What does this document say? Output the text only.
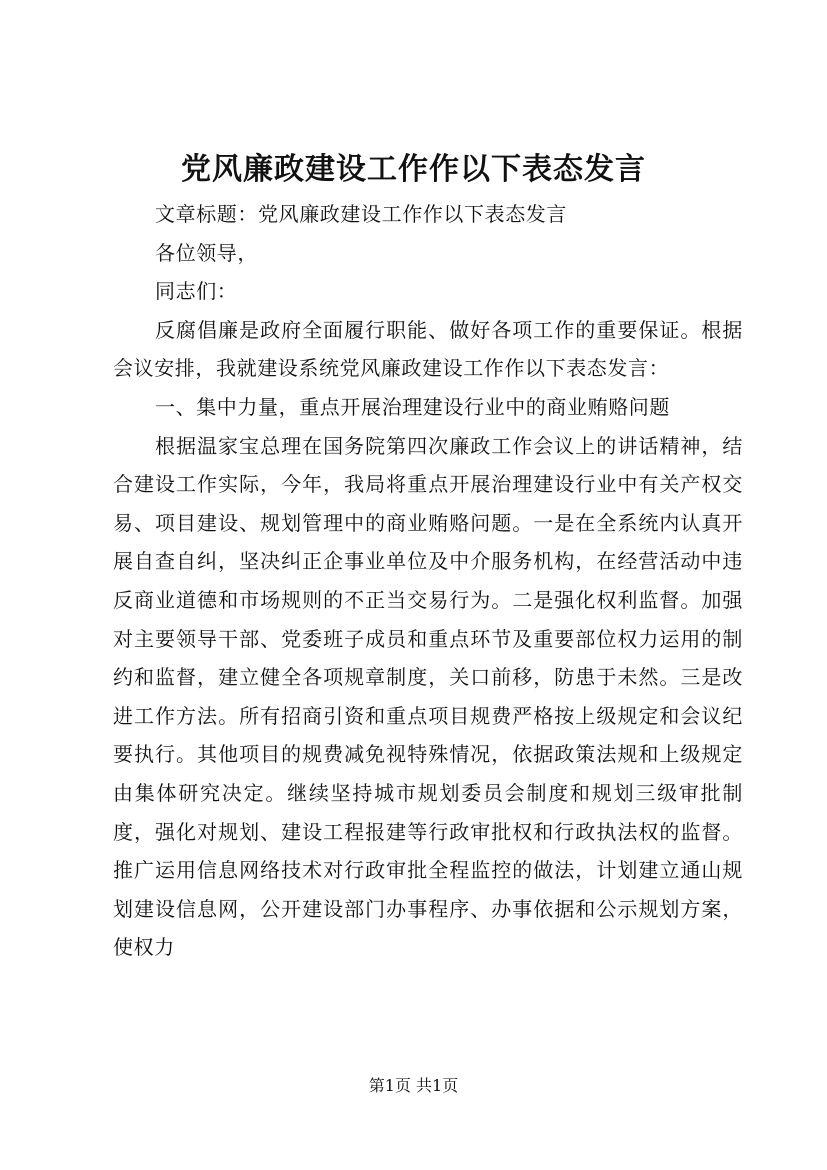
党风廉政建设工作作以下表态发言

文章标题：党风廉政建设工作作以下表态发言

各位领导，

同志们：

反腐倡廉是政府全面履行职能、做好各项工作的重要保证。根据会议安排，我就建设系统党风廉政建设工作作以下表态发言：

一、集中力量，重点开展治理建设行业中的商业贿赂问题

根据温家宝总理在国务院第四次廉政工作会议上的讲话精神，结合建设工作实际，今年，我局将重点开展治理建设行业中有关产权交易、项目建设、规划管理中的商业贿赂问题。一是在全系统内认真开展自查自纠，坚决纠正企事业单位及中介服务机构，在经营活动中违反商业道德和市场规则的不正当交易行为。二是强化权利监督。加强对主要领导干部、党委班子成员和重点环节及重要部位权力运用的制约和监督，建立健全各项规章制度，关口前移，防患于未然。三是改进工作方法。所有招商引资和重点项目规费严格按上级规定和会议纪要执行。其他项目的规费减免视特殊情况，依据政策法规和上级规定由集体研究决定。继续坚持城市规划委员会制度和规划三级审批制度，强化对规划、建设工程报建等行政审批权和行政执法权的监督。推广运用信息网络技术对行政审批全程监控的做法，计划建立通山规划建设信息网，公开建设部门办事程序、办事依据和公示规划方案，使权力

第1页 共1页
